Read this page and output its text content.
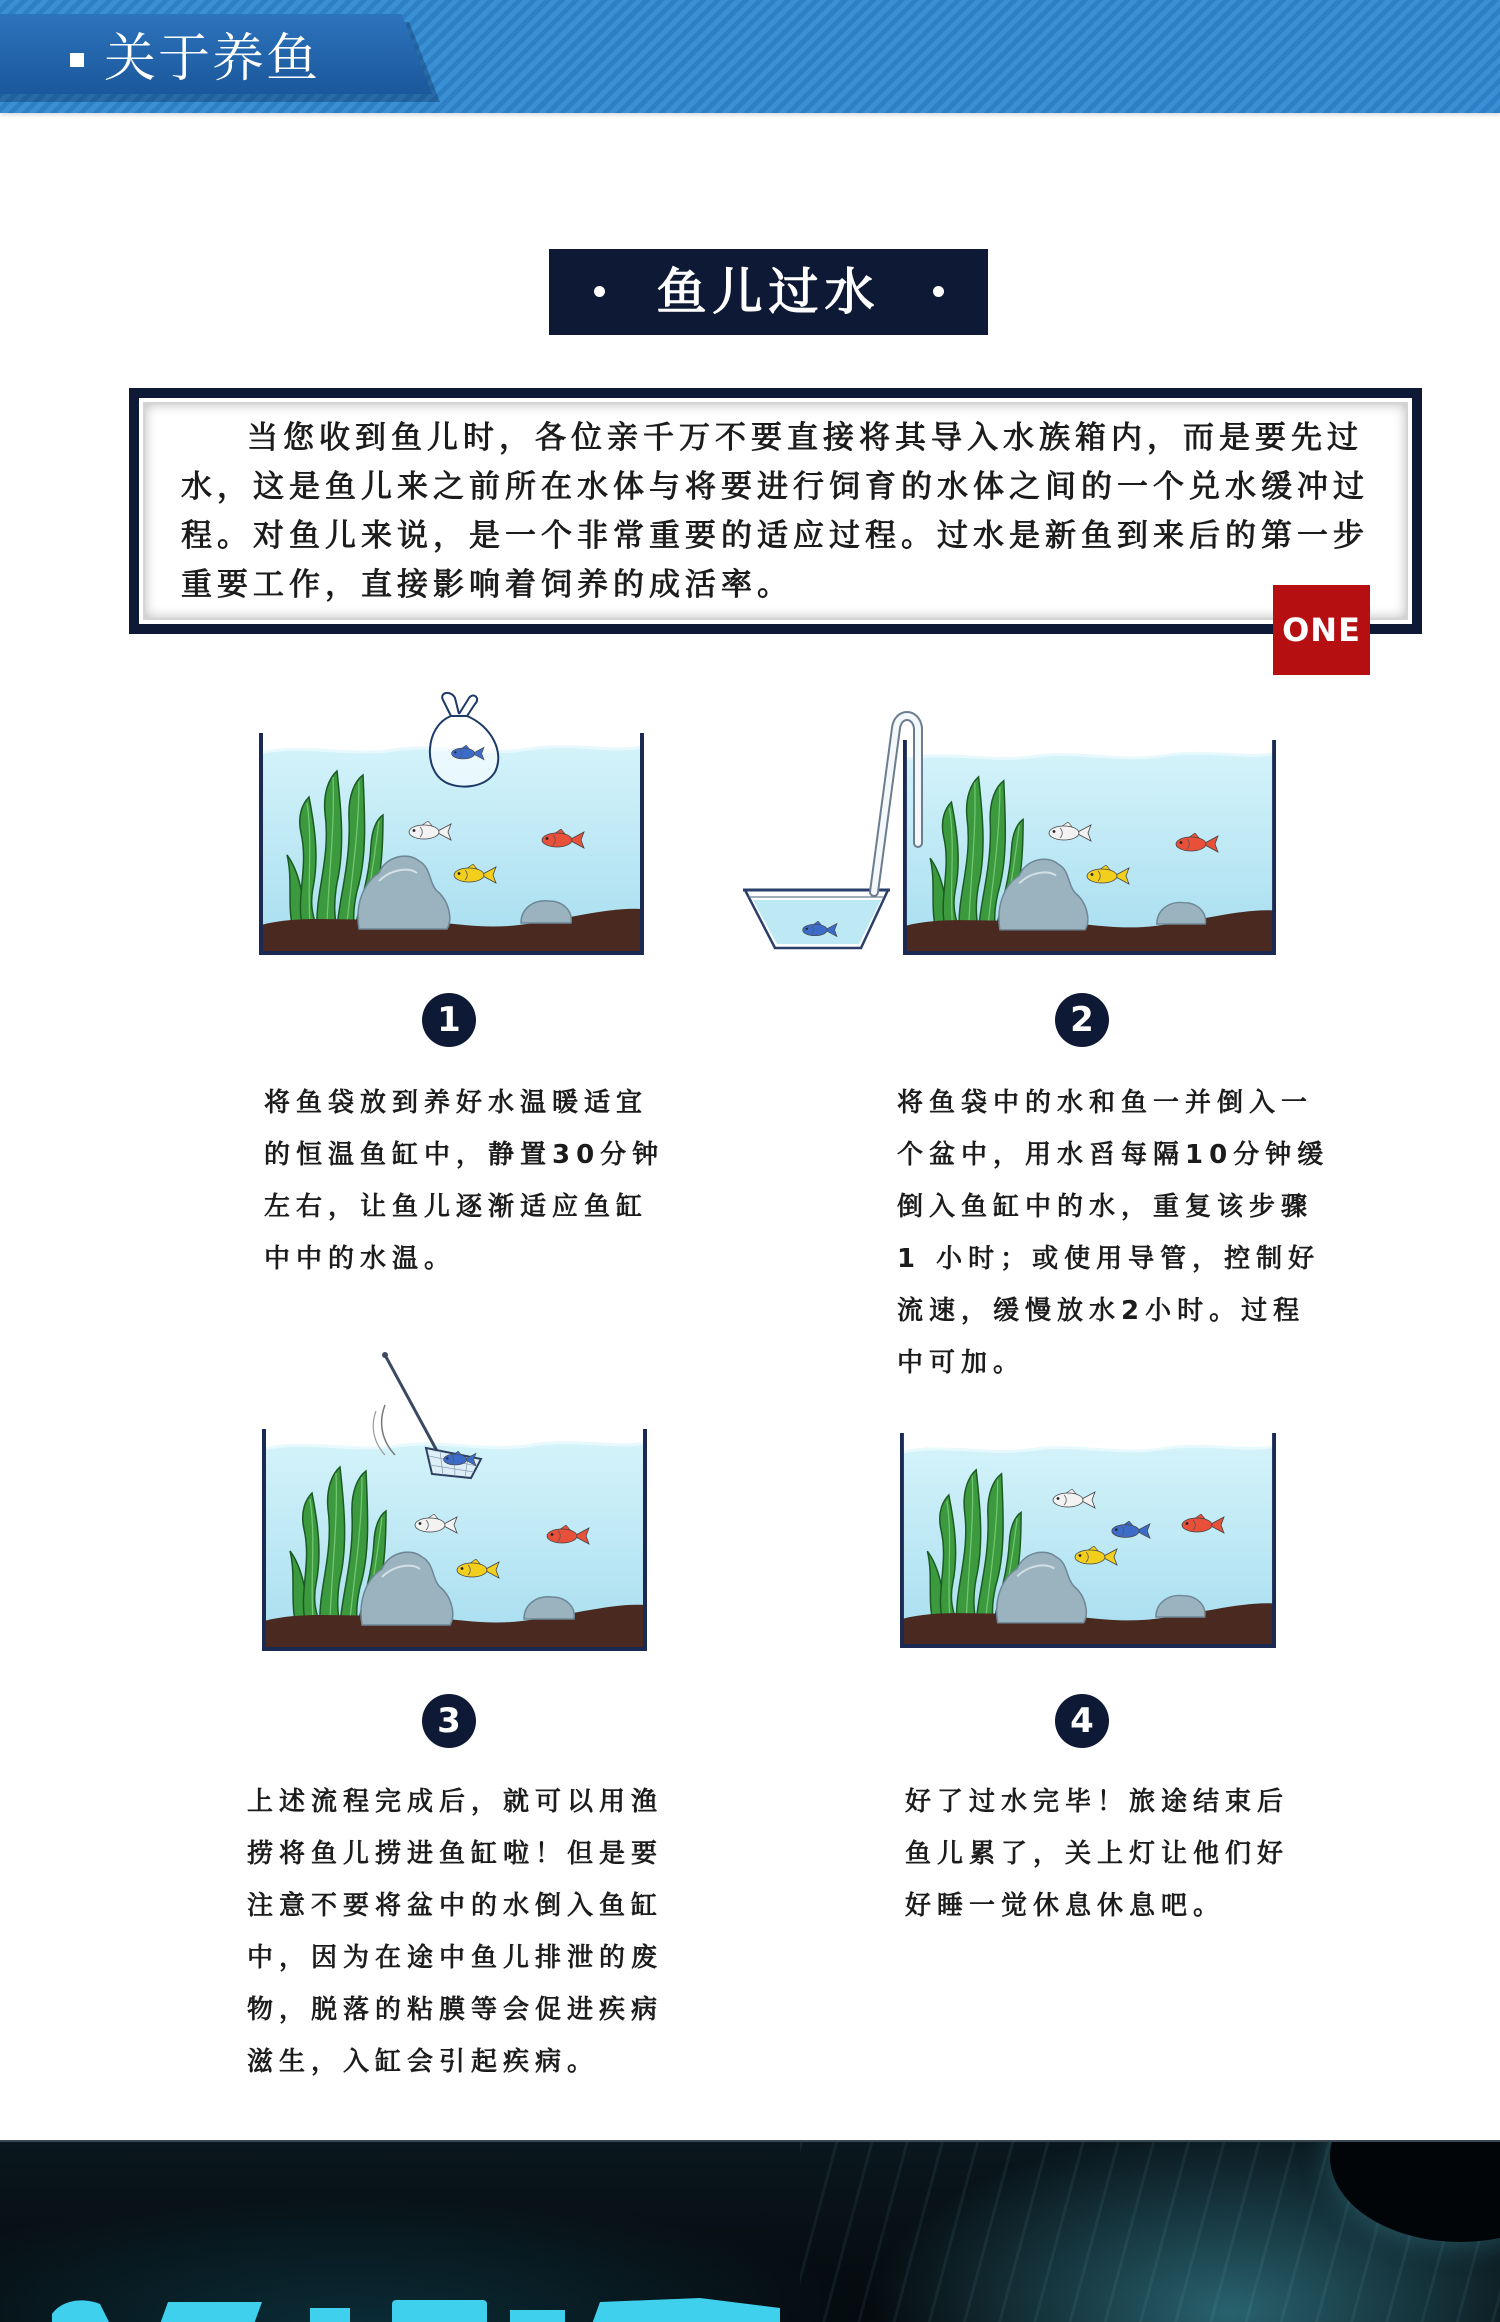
关于养鱼
鱼儿过水
当您收到鱼儿时，各位亲千万不要直接将其导入水族箱内，而是要先过
水，这是鱼儿来之前所在水体与将要进行饲育的水体之间的一个兑水缓冲过
程。对鱼儿来说，是一个非常重要的适应过程。过水是新鱼到来后的第一步
重要工作，直接影响着饲养的成活率。
ONE
1
将鱼袋放到养好水温暖适宜
的恒温鱼缸中，静置30分钟
左右，让鱼儿逐渐适应鱼缸
中中的水温。
2
将鱼袋中的水和鱼一并倒入一
个盆中，用水舀每隔10分钟缓
倒入鱼缸中的水，重复该步骤
1 小时；或使用导管，控制好
流速，缓慢放水2小时。过程
中可加。
3
上述流程完成后，就可以用渔
捞将鱼儿捞进鱼缸啦！但是要
注意不要将盆中的水倒入鱼缸
中，因为在途中鱼儿排泄的废
物，脱落的粘膜等会促进疾病
滋生，入缸会引起疾病。
4
好了过水完毕！旅途结束后
鱼儿累了，关上灯让他们好
好睡一觉休息休息吧。
